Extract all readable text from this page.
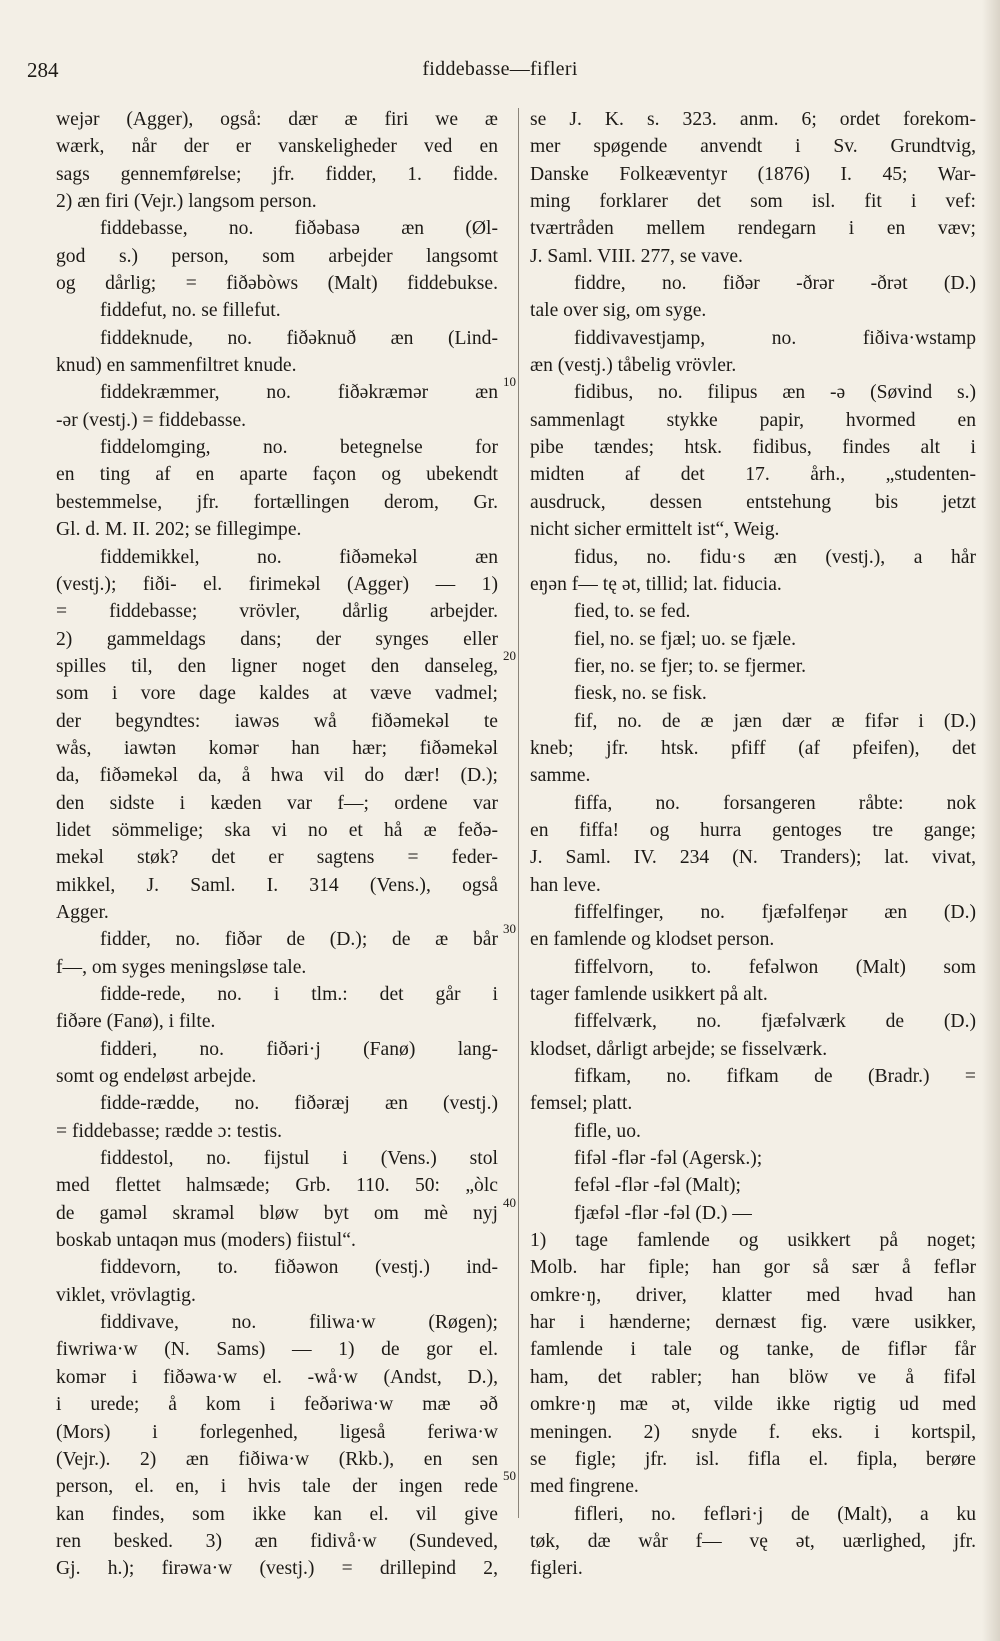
284	fiddebasse—fifleri
wejər (Agger), også: dær æ firi we æ
wærk, når der er vanskeligheder ved en
sags gennemførelse; jfr. fidder, 1. fidde.
2) æn firi (Vejr.) langsom person.
fiddebasse, no. fiðəbasə æn (Øl-
god s.) person, som arbejder langsomt
og dårlig; = fiðəbòws (Malt) fiddebukse.
fiddefut, no. se fillefut.
fiddeknude, no. fiðəknuð æn (Lind-
knud) en sammenfiltret knude.
fiddekræmmer, no. fiðəkræmər æn
-ər (vestj.) = fiddebasse.
fiddelomging, no. betegnelse for
en ting af en aparte façon og ubekendt
bestemmelse, jfr. fortællingen derom, Gr.
Gl. d. M. II. 202; se fillegimpe.
fiddemikkel, no. fiðəmekəl æn
(vestj.); fiði- el. firimekəl (Agger) — 1)
= fiddebasse; vrövler, dårlig arbejder.
2) gammeldags dans; der synges eller
spilles til, den ligner noget den danseleg,
som i vore dage kaldes at væve vadmel;
der begyndtes: iawəs wå fiðəmekəl te
wås, iawtən komər han hær; fiðəmekəl
da, fiðəmekəl da, å hwa vil do dær! (D.);
den sidste i kæden var f—; ordene var
lidet sömmelige; ska vi no et hå æ feðə-
mekəl støk? det er sagtens = feder-
mikkel, J. Saml. I. 314 (Vens.), også
Agger.
fidder, no. fiðər de (D.); de æ bår
f—, om syges meningsløse tale.
fidde-rede, no. i tlm.: det går i
fiðəre (Fanø), i filte.
fidderi, no. fiðəri·j (Fanø) lang-
somt og endeløst arbejde.
fidde-rædde, no. fiðəræj æn (vestj.)
= fiddebasse; rædde ɔ: testis.
fiddestol, no. fijstul i (Vens.) stol
med flettet halmsæde; Grb. 110. 50: „òlc
de gaməl skraməl bløw byt om mè nyj
boskab untaqən mus (moders) fiistul“.
fiddevorn, to. fiðəwon (vestj.) ind-
viklet, vrövlagtig.
fiddivave, no. filiwa·w (Røgen);
fiwriwa·w (N. Sams) — 1) de gor el.
komər i fiðəwa·w el. -wå·w (Andst, D.),
i urede; å kom i feðəriwa·w mæ əð
(Mors) i forlegenhed, ligeså feriwa·w
(Vejr.). 2) æn fiðiwa·w (Rkb.), en sen
person, el. en, i hvis tale der ingen rede
kan findes, som ikke kan el. vil give
ren besked. 3) æn fidivå·w (Sundeved,
Gj. h.); firəwa·w (vestj.) = drillepind 2,
se J. K. s. 323. anm. 6; ordet forekom-
mer spøgende anvendt i Sv. Grundtvig,
Danske Folkeæventyr (1876) I. 45; War-
ming forklarer det som isl. fit i vef:
tværtråden mellem rendegarn i en væv;
J. Saml. VIII. 277, se vave.
fiddre, no. fiðər -ðrər -ðrət (D.)
tale over sig, om syge.
fiddivavestjamp, no. fiðiva·wstamp
æn (vestj.) tåbelig vrövler.
fidibus, no. filipus æn -ə (Søvind s.)
sammenlagt stykke papir, hvormed en
pibe tændes; htsk. fidibus, findes alt i
midten af det 17. årh., „studenten-
ausdruck, dessen entstehung bis jetzt
nicht sicher ermittelt ist“, Weig.
fidus, no. fidu·s æn (vestj.), a hår
eŋən f— tę ət, tillid; lat. fiducia.
fied, to. se fed.
fiel, no. se fjæl; uo. se fjæle.
fier, no. se fjer; to. se fjermer.
fiesk, no. se fisk.
fif, no. de æ jæn dær æ fifər i (D.)
kneb; jfr. htsk. pfiff (af pfeifen), det
samme.
fiffa, no. forsangeren råbte: nok
en fiffa! og hurra gentoges tre gange;
J. Saml. IV. 234 (N. Tranders); lat. vivat,
han leve.
fiffelfinger, no. fjæfəlfeŋər æn (D.)
en famlende og klodset person.
fiffelvorn, to. fefəlwon (Malt) som
tager famlende usikkert på alt.
fiffelværk, no. fjæfəlværk de (D.)
klodset, dårligt arbejde; se fisselværk.
fifkam, no. fifkam de (Bradr.) =
femsel; platt.
fifle, uo.
fifəl -flər -fəl (Agersk.);
fefəl -flər -fəl (Malt);
fjæfəl -flər -fəl (D.) —
1) tage famlende og usikkert på noget;
Molb. har fiple; han gor så sær å feflər
omkre·ŋ, driver, klatter med hvad han
har i hænderne; dernæst fig. være usikker,
famlende i tale og tanke, de fiflər får
ham, det rabler; han blöw ve å fifəl
omkre·ŋ mæ ət, vilde ikke rigtig ud med
meningen. 2) snyde f. eks. i kortspil,
se figle; jfr. isl. fifla el. fipla, berøre
med fingrene.
fifleri, no. fefləri·j de (Malt), a ku
tøk, dæ wår f— vę ət, uærlighed, jfr.
figleri.
10
20
30
40
50
